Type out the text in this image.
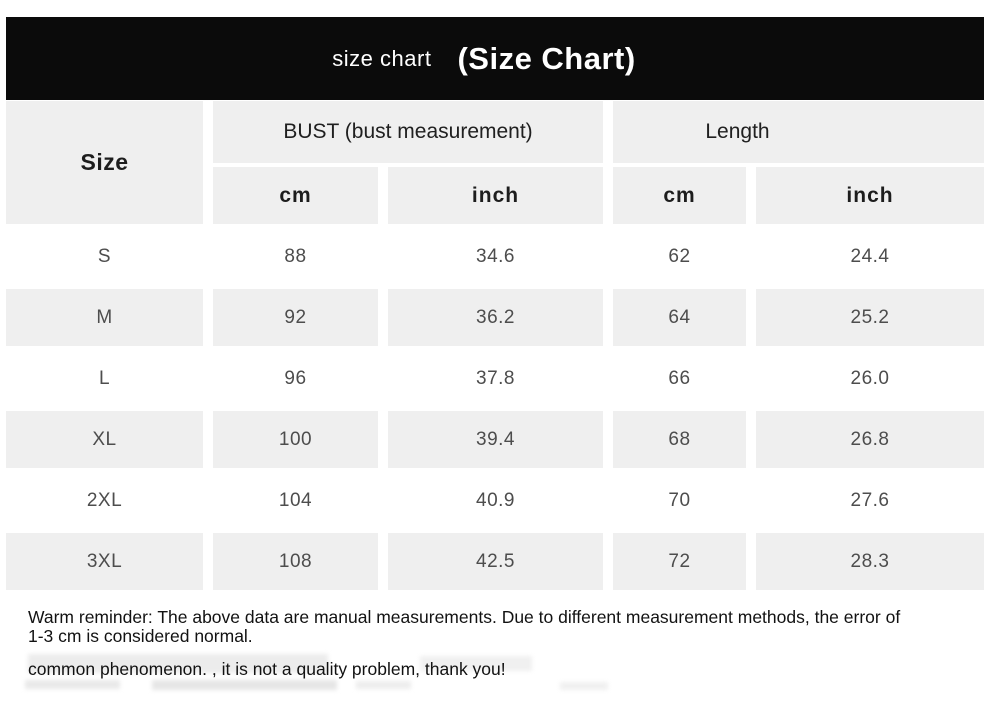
size chart (Size Chart)
Size
BUST (bust measurement)	Length
cm	inch	cm	inch
S	88	34.6	62	24.4
M	92	36.2	64	25.2
L	96	37.8	66	26.0
XL	100	39.4	68	26.8
2XL	104	40.9	70	27.6
3XL	108	42.5	72	28.3
Warm reminder: The above data are manual measurements. Due to different measurement methods, the error of
1-3 cm is considered normal.
common phenomenon. , it is not a quality problem, thank you!
